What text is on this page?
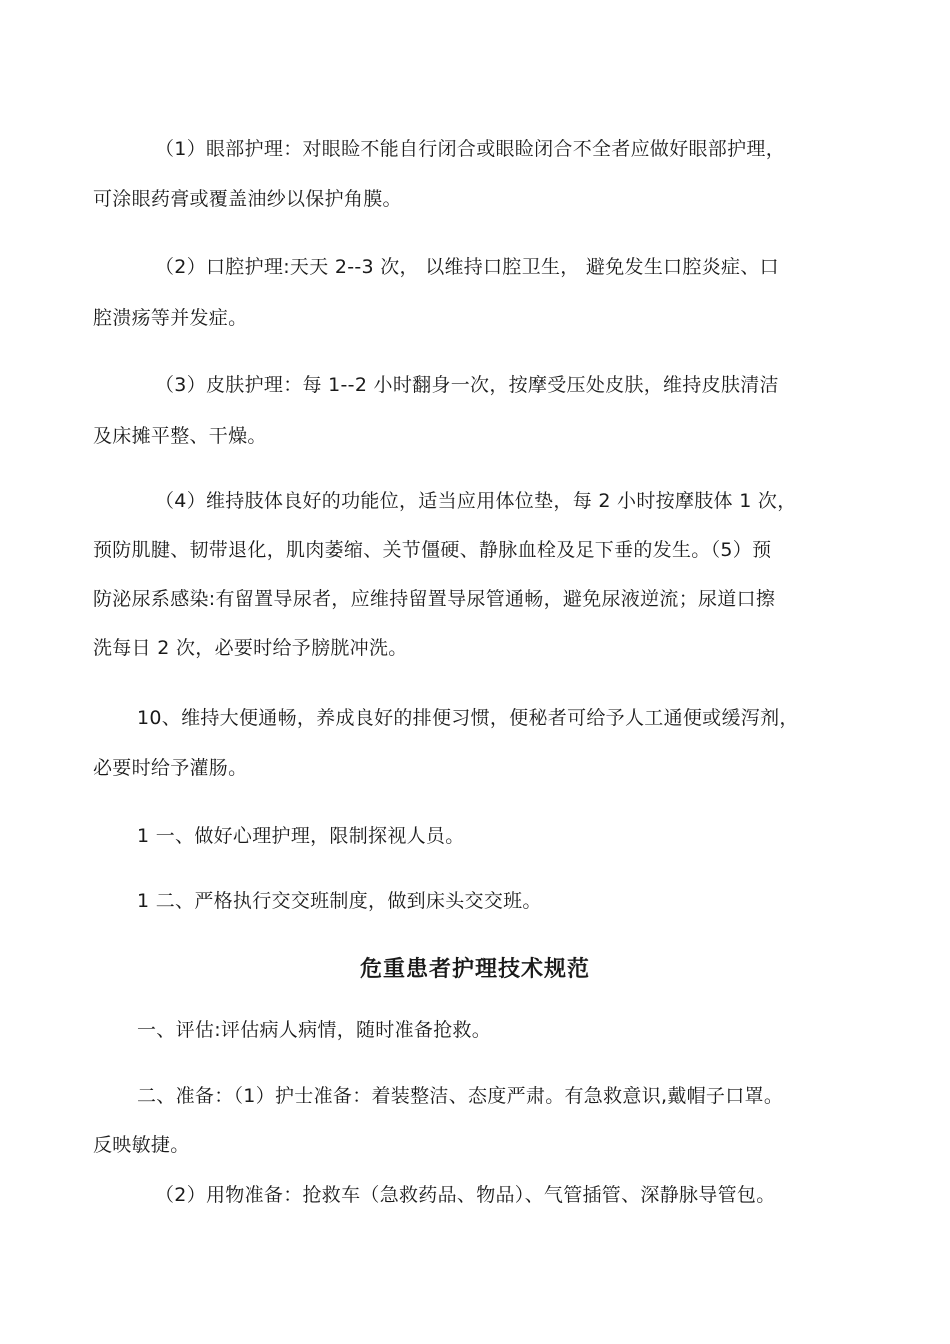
（1）眼部护理：对眼睑不能自行闭合或眼睑闭合不全者应做好眼部护理，
可涂眼药膏或覆盖油纱以保护角膜。
（2）口腔护理:天天 2--3 次， 以维持口腔卫生， 避免发生口腔炎症、口
腔溃疡等并发症。
（3）皮肤护理：每 1--2 小时翻身一次，按摩受压处皮肤，维持皮肤清洁
及床摊平整、干燥。
（4）维持肢体良好的功能位，适当应用体位垫，每 2 小时按摩肢体 1 次，
预防肌腱、韧带退化，肌肉萎缩、关节僵硬、静脉血栓及足下垂的发生。（5）预
防泌尿系感染:有留置导尿者，应维持留置导尿管通畅，避免尿液逆流；尿道口擦
洗每日 2 次，必要时给予膀胱冲洗。
10、维持大便通畅，养成良好的排便习惯，便秘者可给予人工通便或缓泻剂，
必要时给予灌肠。
1 一、做好心理护理，限制探视人员。
1 二、严格执行交交班制度，做到床头交交班。
危重患者护理技术规范
一、评估:评估病人病情，随时准备抢救。
二、准备：（1）护士准备：着装整洁、态度严肃。有急救意识,戴帽子口罩。
反映敏捷。
（2）用物准备：抢救车（急救药品、物品）、气管插管、深静脉导管包。
